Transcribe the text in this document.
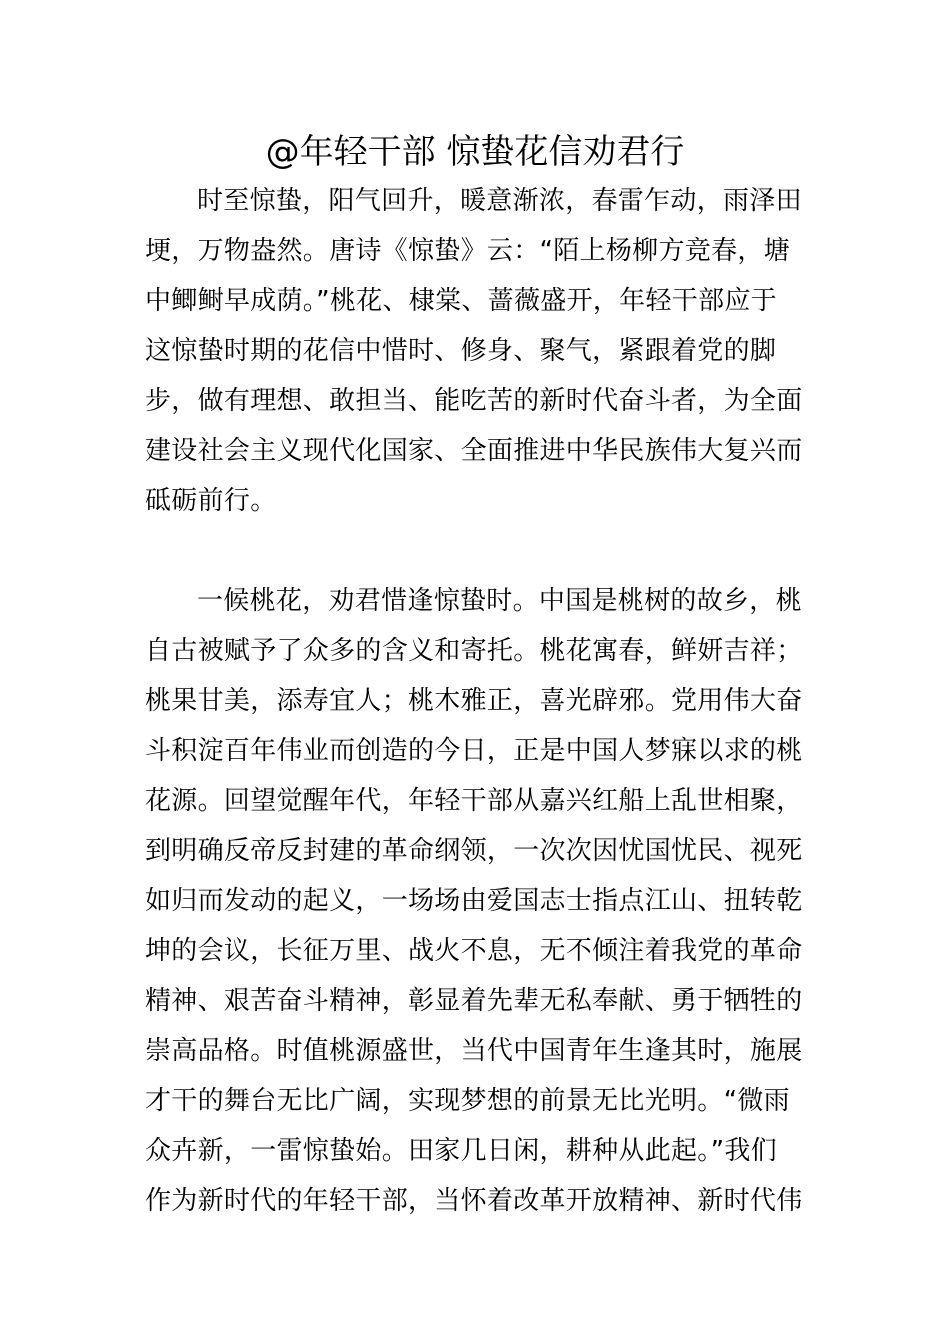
@年轻干部 惊蛰花信劝君行
时至惊蛰，阳气回升，暖意渐浓，春雷乍动，雨泽田
埂，万物盎然。唐诗《惊蛰》云：“陌上杨柳方竞春，塘
中鲫鲥早成荫。”桃花、棣棠、蔷薇盛开，年轻干部应于
这惊蛰时期的花信中惜时、修身、聚气，紧跟着党的脚
步，做有理想、敢担当、能吃苦的新时代奋斗者，为全面
建设社会主义现代化国家、全面推进中华民族伟大复兴而
砥砺前行。
一候桃花，劝君惜逢惊蛰时。中国是桃树的故乡，桃
自古被赋予了众多的含义和寄托。桃花寓春，鲜妍吉祥；
桃果甘美，添寿宜人；桃木雅正，喜光辟邪。党用伟大奋
斗积淀百年伟业而创造的今日，正是中国人梦寐以求的桃
花源。回望觉醒年代，年轻干部从嘉兴红船上乱世相聚，
到明确反帝反封建的革命纲领，一次次因忧国忧民、视死
如归而发动的起义，一场场由爱国志士指点江山、扭转乾
坤的会议，长征万里、战火不息，无不倾注着我党的革命
精神、艰苦奋斗精神，彰显着先辈无私奉献、勇于牺牲的
崇高品格。时值桃源盛世，当代中国青年生逢其时，施展
才干的舞台无比广阔，实现梦想的前景无比光明。“微雨
众卉新，一雷惊蛰始。田家几日闲，耕种从此起。”我们
作为新时代的年轻干部，当怀着改革开放精神、新时代伟
